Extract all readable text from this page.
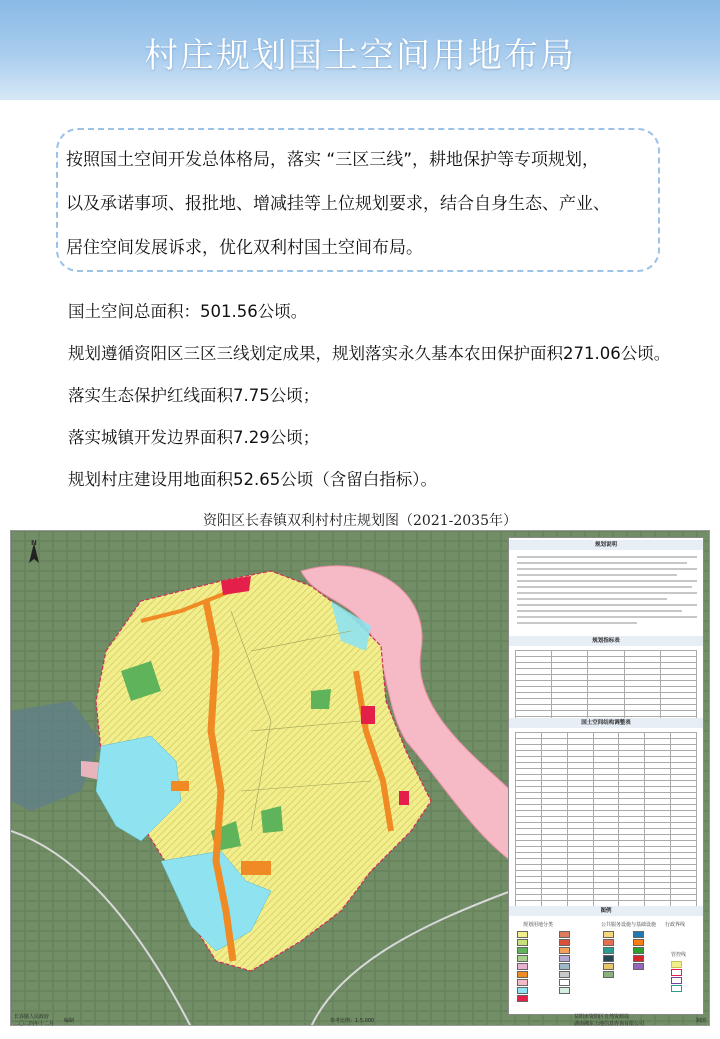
村庄规划国土空间用地布局
按照国土空间开发总体格局，落实 “三区三线”，耕地保护等专项规划，
以及承诺事项、报批地、增减挂等上位规划要求，结合自身生态、产业、
居住空间发展诉求，优化双利村国土空间布局。
国土空间总面积：501.56公顷。
规划遵循资阳区三区三线划定成果，规划落实永久基本农田保护面积271.06公顷。
落实生态保护红线面积7.75公顷；
落实城镇开发边界面积7.29公顷；
规划村庄建设用地面积52.65公顷（含留白指标）。
资阳区长春镇双利村村庄规划图（2021-2035年）
N	规划说明
规划指标表

国土空间结构调整表

图例
规划用地分类	公共服务设施与基础设施 行政界线
管控线
长春镇人民政府
二〇二四年十二月 编制	参考比例：1:5,000
益阳市资阳区自然资源局
湖南湘东土地信息咨询有限公司	制图
